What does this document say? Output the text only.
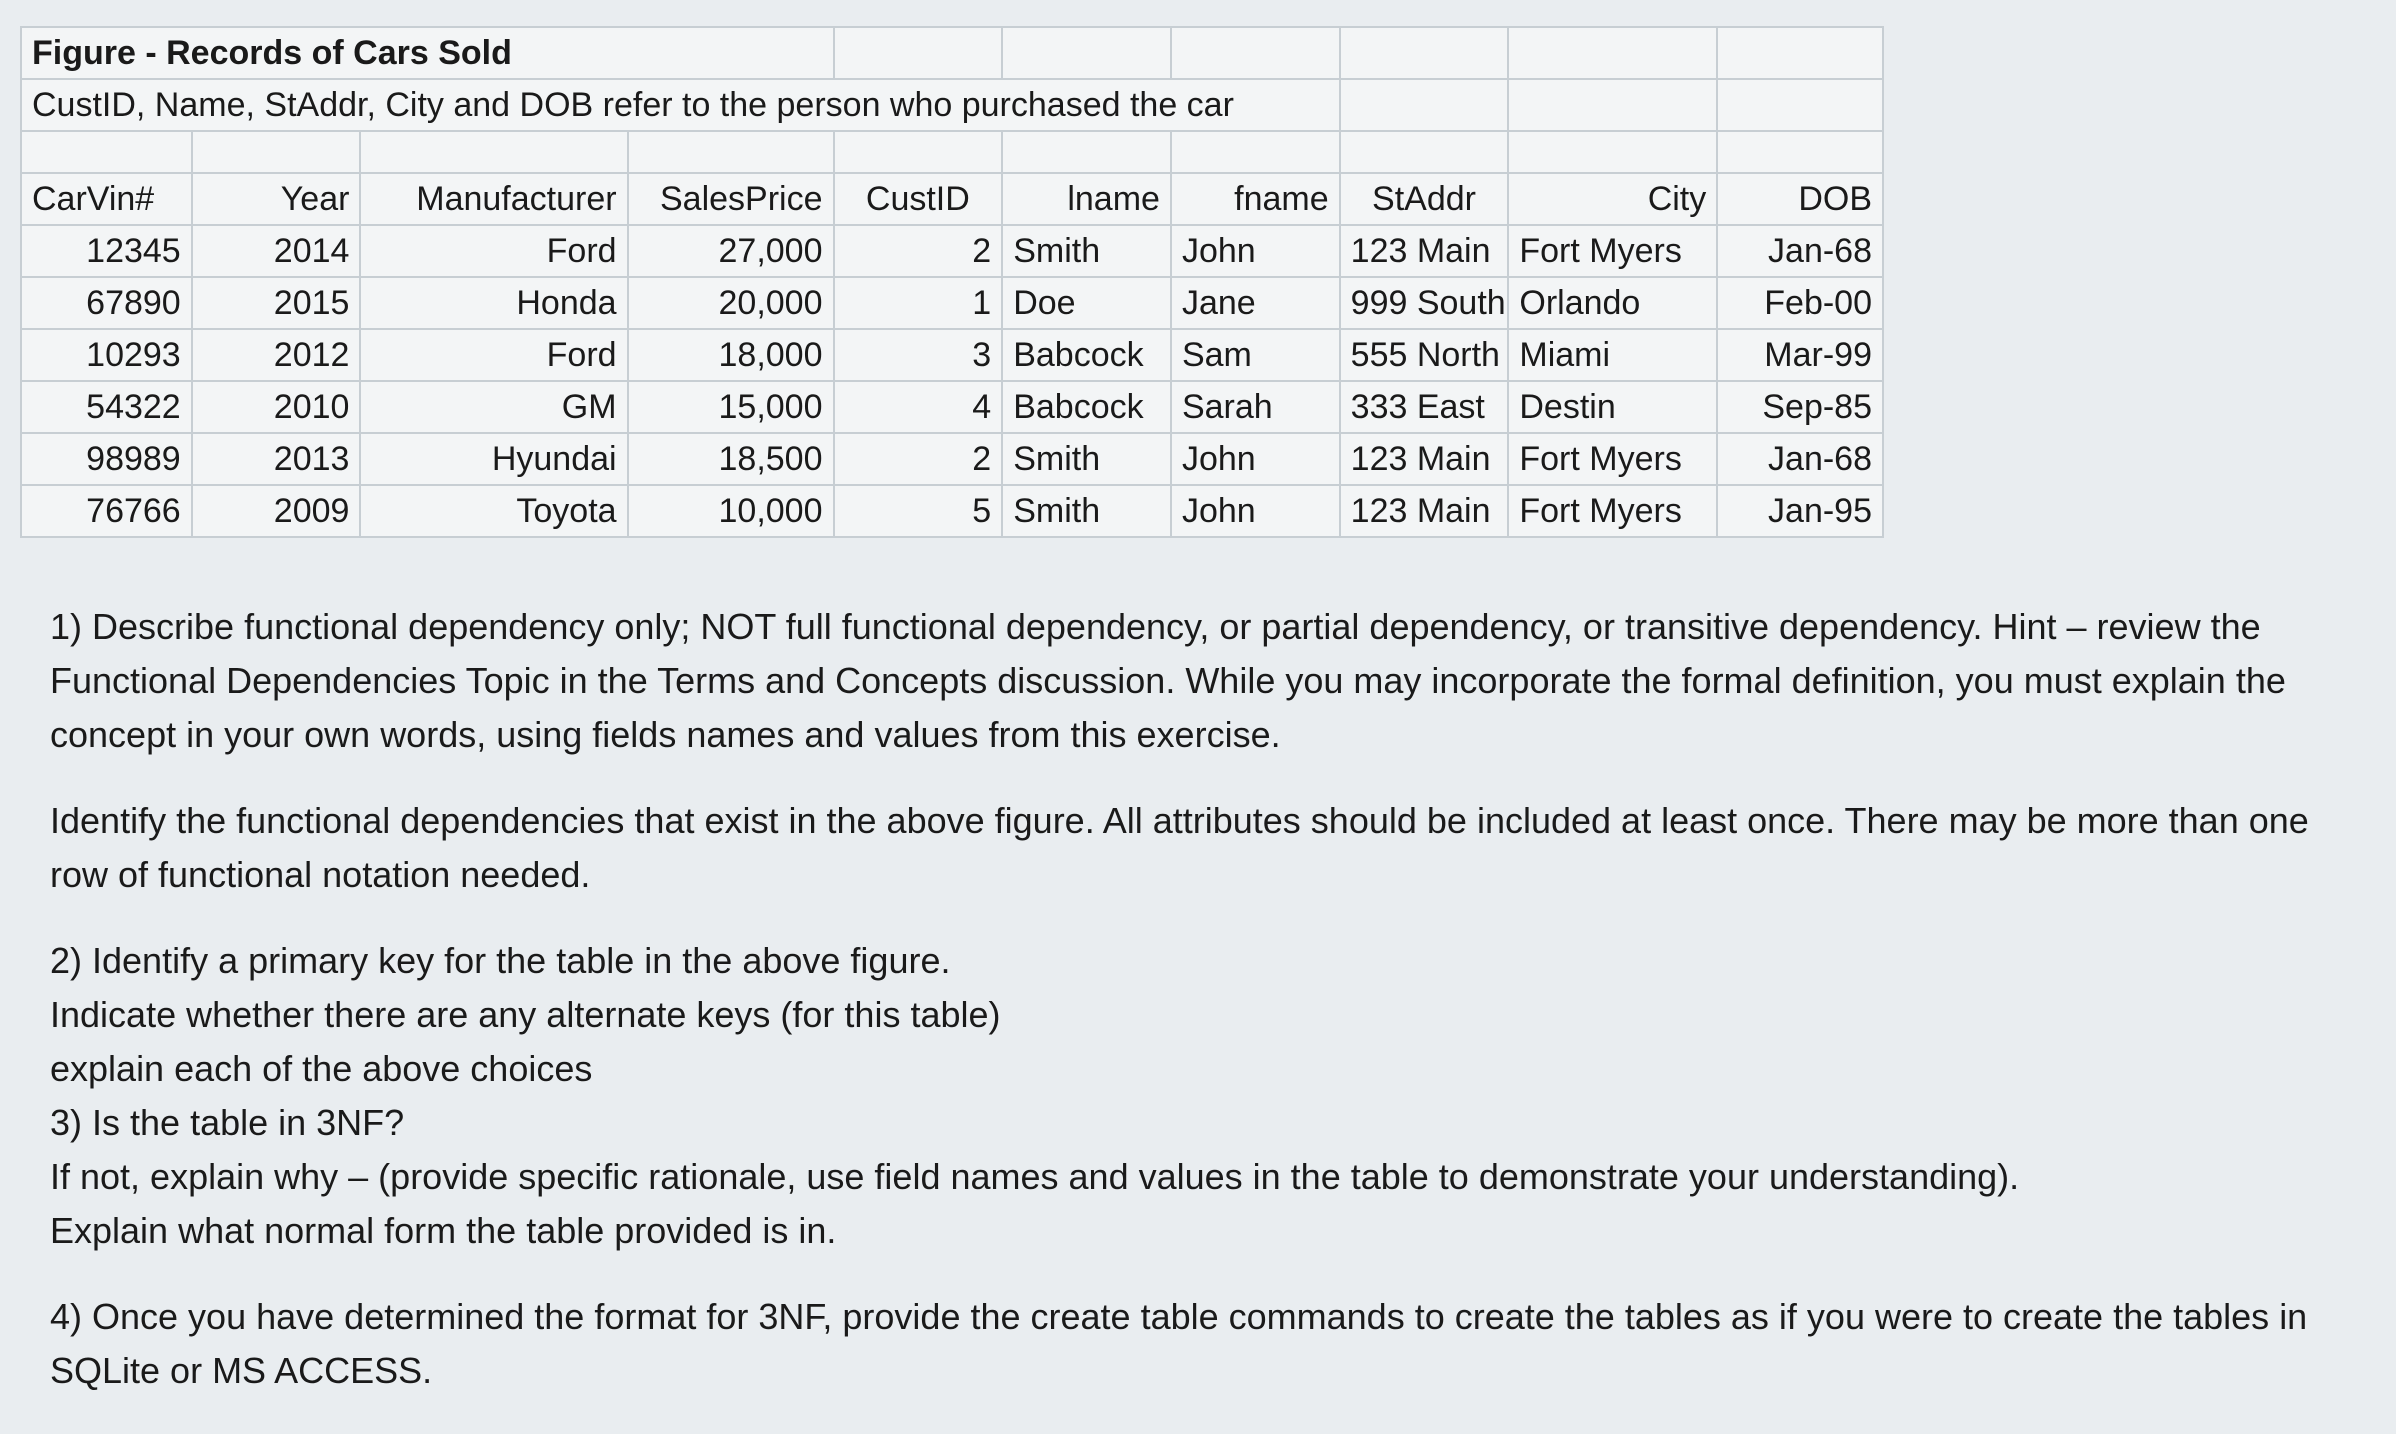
Figure - Records of Cars Sold									
CustID, Name, StAddr, City and DOB refer to the person who purchased the car									

CarVin#	Year	Manufacturer	SalesPrice	CustID	lname	fname	StAddr	City	DOB
12345	2014	Ford	27,000	2	Smith	John	123 Main	Fort Myers	Jan-68
67890	2015	Honda	20,000	1	Doe	Jane	999 South	Orlando	Feb-00
10293	2012	Ford	18,000	3	Babcock	Sam	555 North	Miami	Mar-99
54322	2010	GM	15,000	4	Babcock	Sarah	333 East	Destin	Sep-85
98989	2013	Hyundai	18,500	2	Smith	John	123 Main	Fort Myers	Jan-68
76766	2009	Toyota	10,000	5	Smith	John	123 Main	Fort Myers	Jan-95

1) Describe functional dependency only; NOT full functional dependency, or partial dependency, or transitive dependency. Hint – review the Functional Dependencies Topic in the Terms and Concepts discussion. While you may incorporate the formal definition, you must explain the concept in your own words, using fields names and values from this exercise.

Identify the functional dependencies that exist in the above figure. All attributes should be included at least once. There may be more than one row of functional notation needed.

2) Identify a primary key for the table in the above figure.

Indicate whether there are any alternate keys (for this table)

explain each of the above choices

3) Is the table in 3NF?

If not, explain why – (provide specific rationale, use field names and values in the table to demonstrate your understanding).

Explain what normal form the table provided is in.

4) Once you have determined the format for 3NF, provide the create table commands to create the tables as if you were to create the tables in SQLite or MS ACCESS.
